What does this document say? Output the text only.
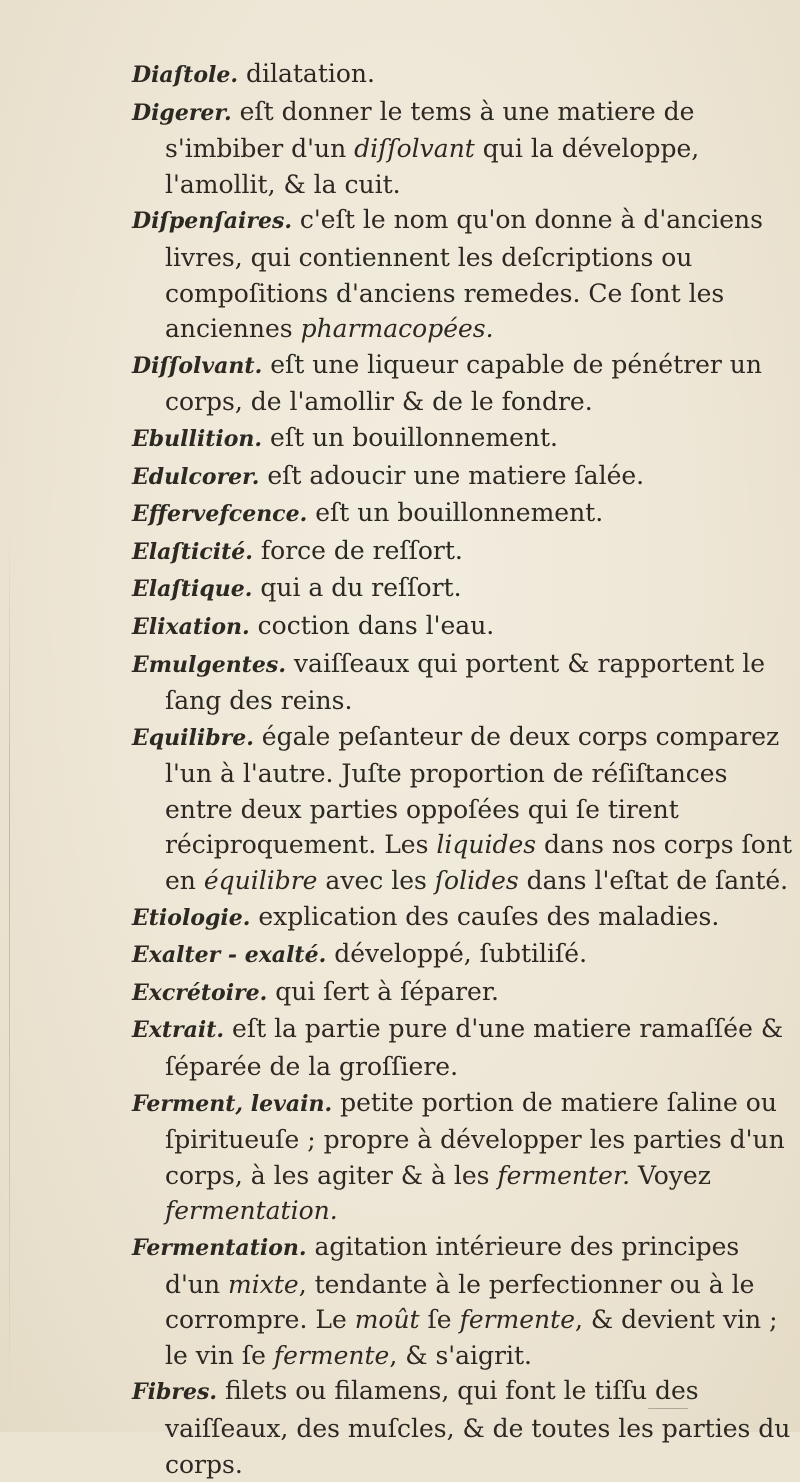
Diaſtole. dilatation.

Digerer. eſt donner le tems à une matiere de s'imbiber d'un diſſolvant qui la développe, l'amollit, & la cuit.

Diſpenſaires. c'eſt le nom qu'on donne à d'anciens livres, qui contiennent les deſcriptions ou compoſitions d'anciens remedes. Ce ſont les anciennes pharmacopées.

Diſſolvant. eſt une liqueur capable de pénétrer un corps, de l'amollir & de le fondre.

Ebullition. eſt un bouillonnement.

Edulcorer. eſt adoucir une matiere ſalée.

Effervefcence. eſt un bouillonnement.

Elaſticité. force de reſſort.

Elaſtique. qui a du reſſort.

Elixation. coction dans l'eau.

Emulgentes. vaiſſeaux qui portent & rapportent le ſang des reins.

Equilibre. égale peſanteur de deux corps comparez l'un à l'autre. Juſte proportion de réſiſtances entre deux parties oppoſées qui ſe tirent réciproquement. Les liquides dans nos corps ſont en équilibre avec les ſolides dans l'eſtat de ſanté.

Etiologie. explication des cauſes des maladies.

Exalter - exalté. développé, ſubtiliſé.

Excrétoire. qui ſert à ſéparer.

Extrait. eſt la partie pure d'une matiere ramaſſée & ſéparée de la groſſiere.

Ferment, levain. petite portion de matiere ſaline ou ſpiritueuſe ; propre à développer les parties d'un corps, à les agiter & à les fermenter. Voyez fermentation.

Fermentation. agitation intérieure des principes d'un mixte, tendante à le perfectionner ou à le corrompre. Le moût ſe fermente, & devient vin ; le vin ſe fermente, & s'aigrit.

Fibres. filets ou filamens, qui font le tiſſu des vaiſſeaux, des muſcles, & de toutes les parties du corps.
